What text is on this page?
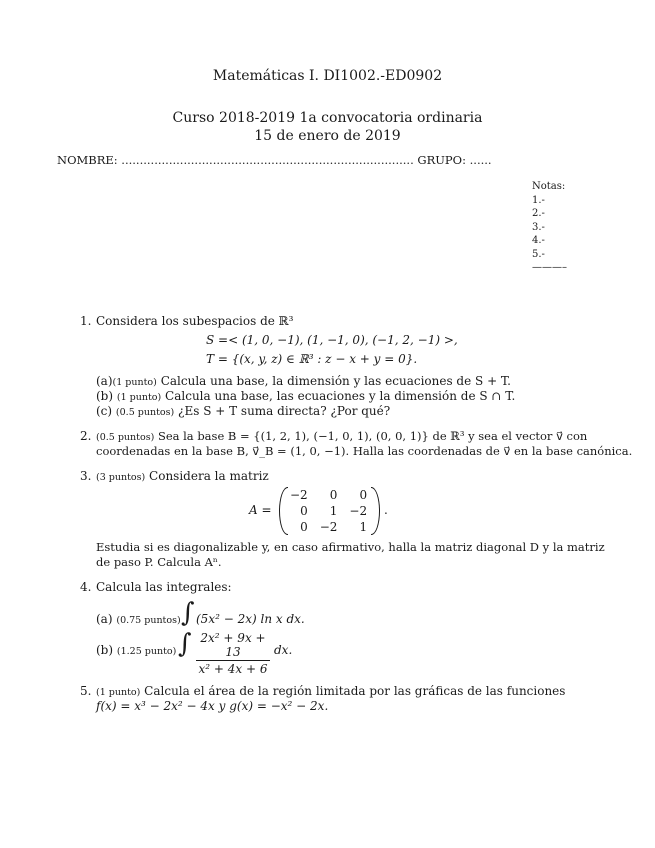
Matemáticas I. DI1002.-ED0902
Curso 2018-2019 1a convocatoria ordinaria
15 de enero de 2019
NOMBRE: ................................................................................ GRUPO: ......
Notas:
1.-
2.-
3.-
4.-
5.-
———–
1. Considera los subespacios de ℝ³
S =< (1, 0, −1), (1, −1, 0), (−1, 2, −1) >,
T = {(x, y, z) ∈ ℝ³ : z − x + y = 0}.
(a)(1 punto) Calcula una base, la dimensión y las ecuaciones de S + T.
(b) (1 punto) Calcula una base, las ecuaciones y la dimensión de S ∩ T.
(c) (0.5 puntos) ¿Es S + T suma directa? ¿Por qué?
2. (0.5 puntos) Sea la base B = {(1, 2, 1), (−1, 0, 1), (0, 0, 1)} de ℝ³ y sea el vector v⃗ con
coordenadas en la base B, v⃗_B = (1, 0, −1). Halla las coordenadas de v⃗ en la base canónica.
3. (3 puntos) Considera la matriz
A =
−2	0	0
0	1	−2
0	−2	1
.
Estudia si es diagonalizable y, en caso afirmativo, halla la matriz diagonal D y la matriz
de paso P. Calcula Aⁿ.
4. Calcula las integrales:
(a) (0.75 puntos) ∫ (5x² − 2x) ln x dx.
(b) (1.25 punto) ∫ 2x² + 9x + 13
x² + 4x + 6
dx.
5. (1 punto) Calcula el área de la región limitada por las gráficas de las funciones
f(x) = x³ − 2x² − 4x y g(x) = −x² − 2x.
